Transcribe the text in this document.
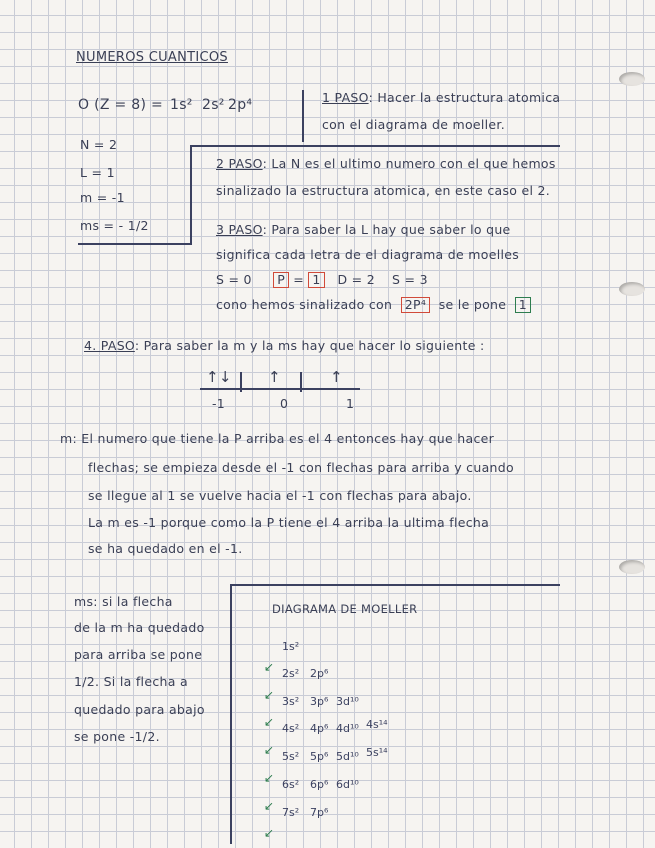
NUMEROS CUANTICOS
O (Z = 8) = 1s² 2s² 2p⁴
N = 2
L = 1
m = -1
ms = - 1/2
1 PASO: Hacer la estructura atomica
con el diagrama de moeller.
2 PASO: La N es el ultimo numero con el que hemos
sinalizado la estructura atomica, en este caso el 2.
3 PASO: Para saber la L hay que saber lo que
significa cada letra de el diagrama de moelles
S = 0 P = 1 D = 2 S = 3
cono hemos sinalizado con 2P⁴ se le pone 1
4. PASO: Para saber la m y la ms hay que hacer lo siguiente :
↑↓ ↑	↑
-1	0	1
m: El numero que tiene la P arriba es el 4 entonces hay que hacer
flechas; se empieza desde el -1 con flechas para arriba y cuando
se llegue al 1 se vuelve hacia el -1 con flechas para abajo.
La m es -1 porque como la P tiene el 4 arriba la ultima flecha
se ha quedado en el -1.
ms: si la flecha
de la m ha quedado
para arriba se pone
1/2. Si la flecha a
quedado para abajo
se pone -1/2.
DIAGRAMA DE MOELLER
1s²
2s² 2p⁶
3s² 3p⁶ 3d¹⁰
4s² 4p⁶ 4d¹⁰ 4s¹⁴
5s² 5p⁶ 5d¹⁰ 5s¹⁴
6s² 6p⁶ 6d¹⁰
7s² 7p⁶
↙
↙
↙
↙
↙
↙
↙
